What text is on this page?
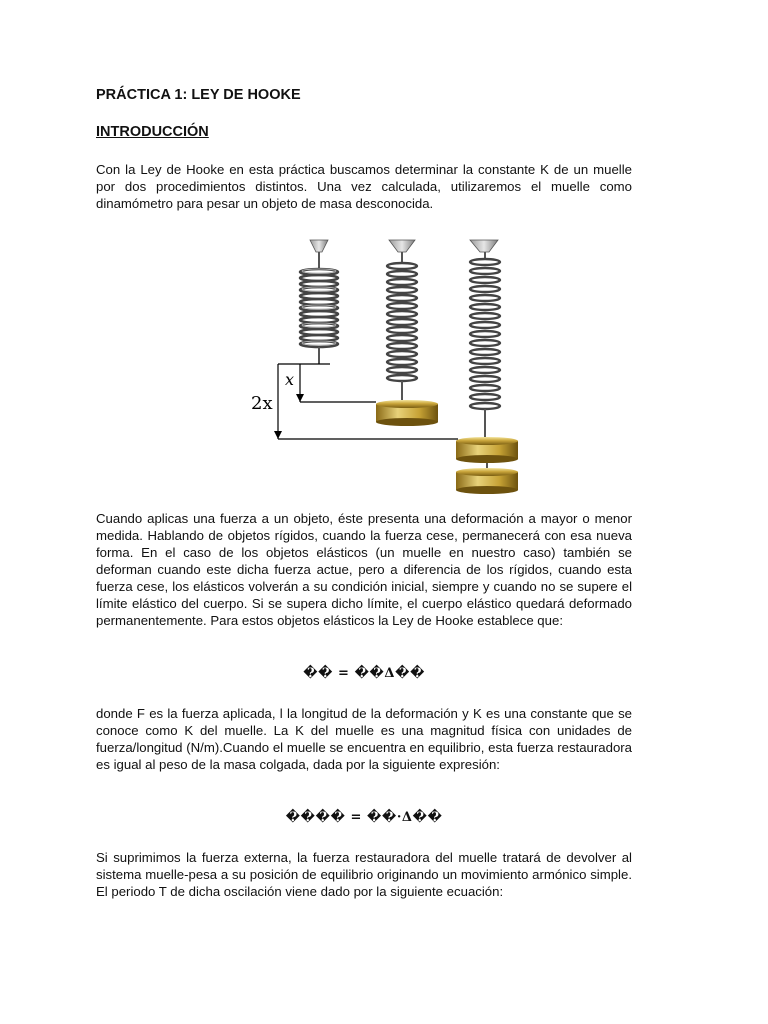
PRÁCTICA 1: LEY DE HOOKE
INTRODUCCIÓN

Con la Ley de Hooke en esta práctica buscamos determinar la constante K de un muelle por dos procedimientos distintos. Una vez calculada, utilizaremos el muelle como dinamómetro para pesar un objeto de masa desconocida.

x
2x

Cuando aplicas una fuerza a un objeto, éste presenta una deformación a mayor o menor medida. Hablando de objetos rígidos, cuando la fuerza cese, permanecerá con esa nueva forma. En el caso de los objetos elásticos (un muelle en nuestro caso) también se deforman cuando este dicha fuerza actue, pero a diferencia de los rígidos, cuando esta fuerza cese, los elásticos volverán a su condición inicial, siempre y cuando no se supere el límite elástico del cuerpo. Si se supera dicho límite, el cuerpo elástico quedará deformado permanentemente. Para estos objetos elásticos la Ley de Hooke establece que:

�� = ��Δ��

donde F es la fuerza aplicada, l la longitud de la deformación y K es una constante que se conoce como K del muelle. La K del muelle es una magnitud física con unidades de fuerza/longitud (N/m).Cuando el muelle se encuentra en equilibrio, esta fuerza restauradora es igual al peso de la masa colgada, dada por la siguiente expresión:

���� = ��·Δ��

Si suprimimos la fuerza externa, la fuerza restauradora del muelle tratará de devolver al sistema muelle-pesa a su posición de equilibrio originando un movimiento armónico simple. El periodo T de dicha oscilación viene dado por la siguiente ecuación:
